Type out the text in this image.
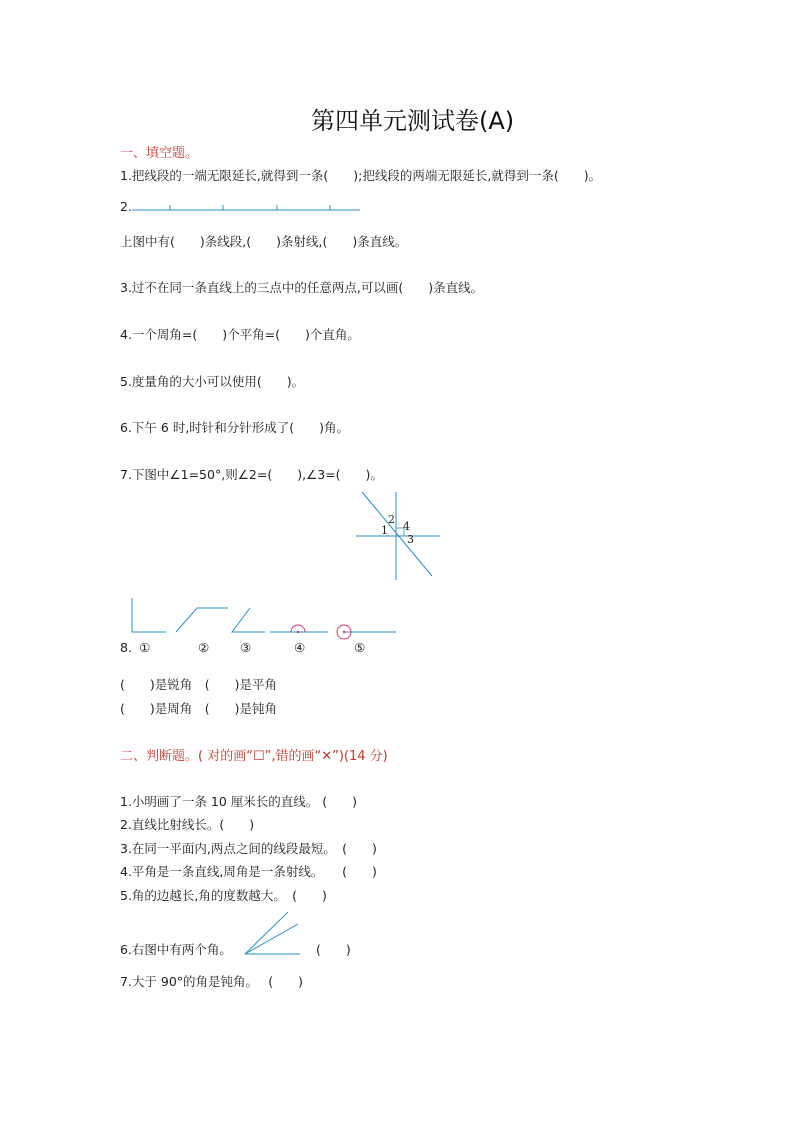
第四单元测试卷(A)
一、填空题。
1.把线段的一端无限延长,就得到一条(　　);把线段的两端无限延长,就得到一条(　　)。
2.
上图中有(　　)条线段,(　　)条射线,(　　)条直线。
3.过不在同一条直线上的三点中的任意两点,可以画(　　)条直线。
4.一个周角=(　　)个平角=(　　)个直角。
5.度量角的大小可以使用(　　)。
6.下午 6 时,时针和分针形成了(　　)角。
7.下图中∠1=50°,则∠2=(　　),∠3=(　　)。
1
2
4
3
8. ①	② ③	④	⑤
(　　)是锐角　(　　)是平角
(　　)是周角　(　　)是钝角
二、判断题。( 对的画“☐”,错的画“✕”)(14 分)
1.小明画了一条 10 厘米长的直线。 (　　)
2.直线比射线长。(　　)
3.在同一平面内,两点之间的线段最短。　(　　)
4.平角是一条直线,周角是一条射线。　　(　　)
5.角的边越长,角的度数越大。　(　　)
6.右图中有两个角。	(　　)
7.大于 90°的角是钝角。　 (　　)
